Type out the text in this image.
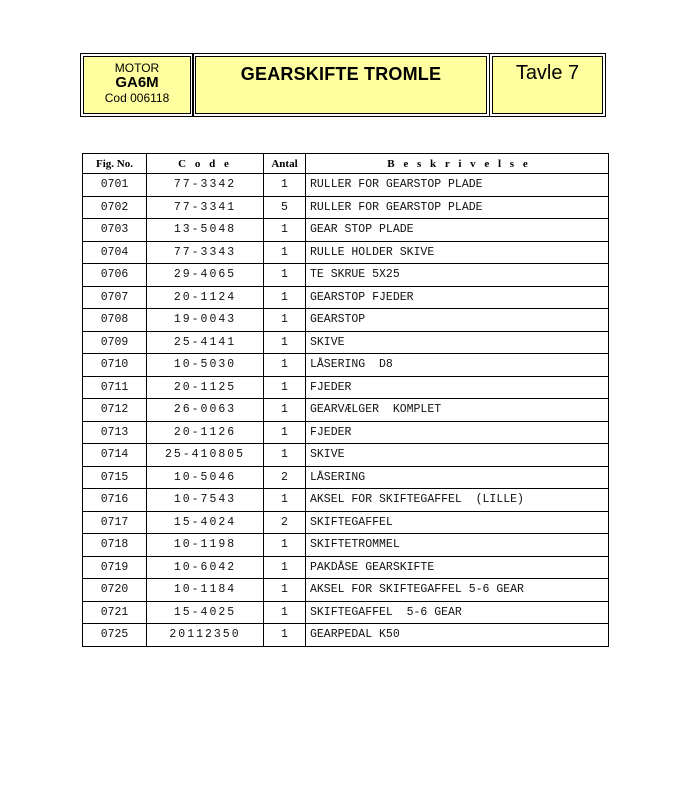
MOTOR
GA6M
Cod 006118
GEARSKIFTE TROMLE	Tavle 7
Fig. No.	C o d e	Antal	B e s k r i v e l s e
0701	77-3342	1	RULLER FOR GEARSTOP PLADE
0702	77-3341	5	RULLER FOR GEARSTOP PLADE
0703	13-5048	1	GEAR STOP PLADE
0704	77-3343	1	RULLE HOLDER SKIVE
0706	29-4065	1	TE SKRUE 5X25
0707	20-1124	1	GEARSTOP FJEDER
0708	19-0043	1	GEARSTOP
0709	25-4141	1	SKIVE
0710	10-5030	1	LÅSERING  D8
0711	20-1125	1	FJEDER
0712	26-0063	1	GEARVÆLGER  KOMPLET
0713	20-1126	1	FJEDER
0714	25-410805	1	SKIVE
0715	10-5046	2	LÅSERING
0716	10-7543	1	AKSEL FOR SKIFTEGAFFEL  (LILLE)
0717	15-4024	2	SKIFTEGAFFEL
0718	10-1198	1	SKIFTETROMMEL
0719	10-6042	1	PAKDÅSE GEARSKIFTE
0720	10-1184	1	AKSEL FOR SKIFTEGAFFEL 5-6 GEAR
0721	15-4025	1	SKIFTEGAFFEL  5-6 GEAR
0725	20112350	1	GEARPEDAL K50
